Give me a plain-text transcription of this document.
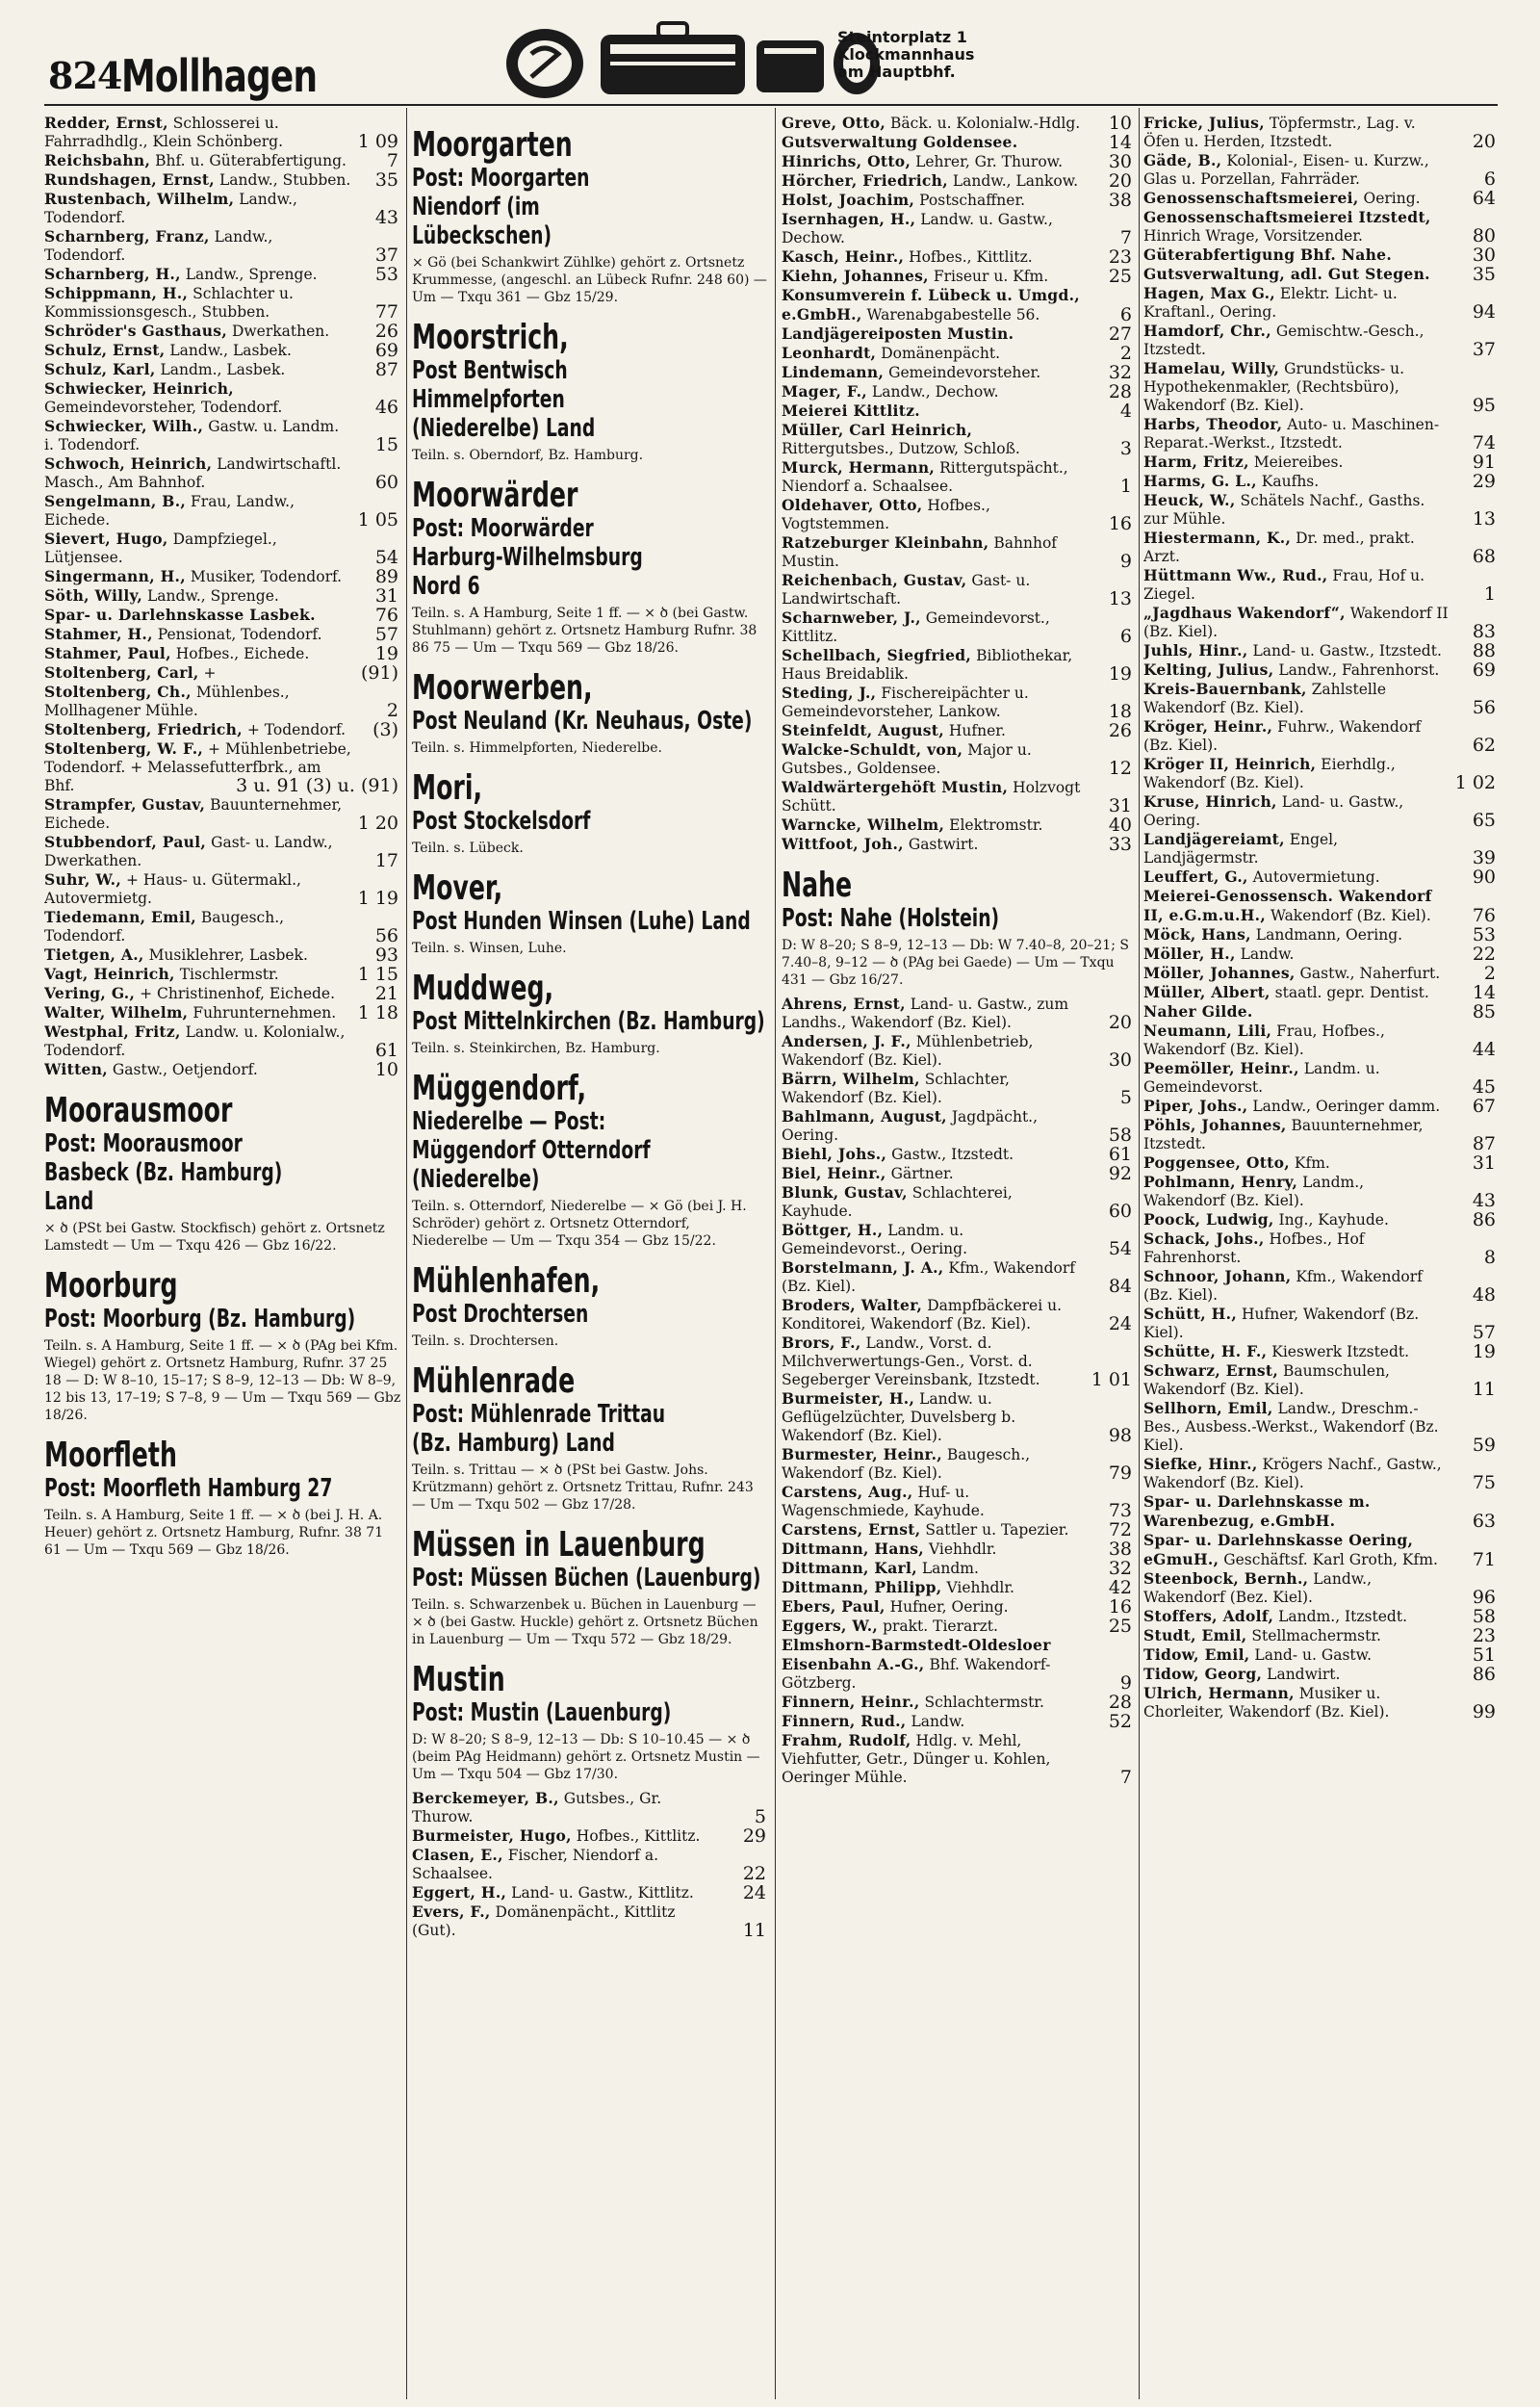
824 Mollhagen
Steintorplatz 1
Klockmannhaus
am Hauptbhf.

Redder, Ernst, Schlosserei u. Fahrradhdlg., Klein Schönberg.	1 09

Reichsbahn, Bhf. u. Güterabfertigung. 7

Rundshagen, Ernst, Landw., Stubben. 35

Rustenbach, Wilhelm, Landw., Todendorf.	43

Scharnberg, Franz, Landw., Todendorf.	37

Scharnberg, H., Landw., Sprenge.	53

Schippmann, H., Schlachter u. Kommissionsgesch., Stubben.	77

Schröder's Gasthaus, Dwerkathen.	26

Schulz, Ernst, Landw., Lasbek.	69

Schulz, Karl, Landm., Lasbek.	87

Schwiecker, Heinrich, Gemeindevorsteher, Todendorf.	46

Schwiecker, Wilh., Gastw. u. Landm. i. Todendorf.	15

Schwoch, Heinrich, Landwirtschaftl. Masch., Am Bahnhof.	60

Sengelmann, B., Frau, Landw., Eichede.	1 05

Sievert, Hugo, Dampfziegel., Lütjensee.	54

Singermann, H., Musiker, Todendorf. 89

Söth, Willy, Landw., Sprenge.	31

Spar- u. Darlehnskasse Lasbek.	76

Stahmer, H., Pensionat, Todendorf.	57

Stahmer, Paul, Hofbes., Eichede.	19

Stoltenberg, Carl, +	(91)

Stoltenberg, Ch., Mühlenbes., Mollhagener Mühle.	2

Stoltenberg, Friedrich, + Todendorf. (3)

Stoltenberg, W. F., + Mühlenbetriebe, Todendorf. + Melassefutterfbrk., am Bhf.	3 u. 91 (3) u. (91)

Strampfer, Gustav, Bauunternehmer, Eichede.	1 20

Stubbendorf, Paul, Gast- u. Landw., Dwerkathen.	17

Suhr, W., + Haus- u. Gütermakl., Autovermietg.	1 19

Tiedemann, Emil, Baugesch., Todendorf.	56

Tietgen, A., Musiklehrer, Lasbek.	93

Vagt, Heinrich, Tischlermstr.	1 15

Vering, G., + Christinenhof, Eichede. 21

Walter, Wilhelm, Fuhrunternehmen. 1 18

Westphal, Fritz, Landw. u. Kolonialw., Todendorf.	61

Witten, Gastw., Oetjendorf.	10

Moorausmoor
Post: Moorausmoor Basbeck (Bz. Hamburg) Land
× ծ (PSt bei Gastw. Stockfisch) gehört z. Ortsnetz Lamstedt — Um — Txqu 426 — Gbz 16/22.
Moorburg
Post: Moorburg (Bz. Hamburg)
Teiln. s. A Hamburg, Seite 1 ff. — × ծ (PAg bei Kfm. Wiegel) gehört z. Ortsnetz Hamburg, Rufnr. 37 25 18 — D: W 8–10, 15–17; S 8–9, 12–13 — Db: W 8–9, 12 bis 13, 17–19; S 7–8, 9 — Um — Txqu 569 — Gbz 18/26.
Moorfleth
Post: Moorfleth Hamburg 27
Teiln. s. A Hamburg, Seite 1 ff. — × ծ (bei J. H. A. Heuer) gehört z. Ortsnetz Hamburg, Rufnr. 38 71 61 — Um — Txqu 569 — Gbz 18/26.
Moorgarten
Post: Moorgarten Niendorf (im Lübeckschen)
× Gö (bei Schankwirt Zühlke) gehört z. Ortsnetz Krummesse, (angeschl. an Lübeck Rufnr. 248 60) — Um — Txqu 361 — Gbz 15/29.
Moorstrich,
Post Bentwisch Himmelpforten (Niederelbe) Land
Teiln. s. Oberndorf, Bz. Hamburg.
Moorwärder
Post: Moorwärder Harburg-Wilhelmsburg Nord 6
Teiln. s. A Hamburg, Seite 1 ff. — × ծ (bei Gastw. Stuhlmann) gehört z. Ortsnetz Hamburg Rufnr. 38 86 75 — Um — Txqu 569 — Gbz 18/26.
Moorwerben,
Post Neuland (Kr. Neuhaus, Oste)
Teiln. s. Himmelpforten, Niederelbe.
Mori,
Post Stockelsdorf
Teiln. s. Lübeck.
Mover,
Post Hunden Winsen (Luhe) Land
Teiln. s. Winsen, Luhe.
Muddweg,
Post Mittelnkirchen (Bz. Hamburg)
Teiln. s. Steinkirchen, Bz. Hamburg.
Müggendorf,
Niederelbe — Post: Müggendorf Otterndorf (Niederelbe)
Teiln. s. Otterndorf, Niederelbe — × Gö (bei J. H. Schröder) gehört z. Ortsnetz Otterndorf, Niederelbe — Um — Txqu 354 — Gbz 15/22.
Mühlenhafen,
Post Drochtersen
Teiln. s. Drochtersen.
Mühlenrade
Post: Mühlenrade Trittau (Bz. Hamburg) Land
Teiln. s. Trittau — × ծ (PSt bei Gastw. Johs. Krützmann) gehört z. Ortsnetz Trittau, Rufnr. 243 — Um — Txqu 502 — Gbz 17/28.
Müssen in Lauenburg
Post: Müssen Büchen (Lauenburg)
Teiln. s. Schwarzenbek u. Büchen in Lauenburg — × ծ (bei Gastw. Huckle) gehört z. Ortsnetz Büchen in Lauenburg — Um — Txqu 572 — Gbz 18/29.
Mustin
Post: Mustin (Lauenburg)
D: W 8–20; S 8–9, 12–13 — Db: S 10–10.45 — × ծ (beim PAg Heidmann) gehört z. Ortsnetz Mustin — Um — Txqu 504 — Gbz 17/30.

Berckemeyer, B., Gutsbes., Gr. Thurow.	5

Burmeister, Hugo, Hofbes., Kittlitz. 29

Clasen, E., Fischer, Niendorf a. Schaalsee.	22

Eggert, H., Land- u. Gastw., Kittlitz.	24

Evers, F., Domänenpächt., Kittlitz (Gut).	11

Greve, Otto, Bäck. u. Kolonialw.-Hdlg. 10

Gutsverwaltung Goldensee.	14

Hinrichs, Otto, Lehrer, Gr. Thurow.	30

Hörcher, Friedrich, Landw., Lankow. 20

Holst, Joachim, Postschaffner.	38

Isernhagen, H., Landw. u. Gastw., Dechow.	7

Kasch, Heinr., Hofbes., Kittlitz.	23

Kiehn, Johannes, Friseur u. Kfm.	25

Konsumverein f. Lübeck u. Umgd., e.GmbH., Warenabgabestelle 56.	6

Landjägereiposten Mustin.	27

Leonhardt, Domänenpächt.	2

Lindemann, Gemeindevorsteher.	32

Mager, F., Landw., Dechow.	28

Meierei Kittlitz.	4

Müller, Carl Heinrich, Rittergutsbes., Dutzow, Schloß.	3

Murck, Hermann, Rittergutspächt., Niendorf a. Schaalsee.	1

Oldehaver, Otto, Hofbes., Vogtstemmen.	16

Ratzeburger Kleinbahn, Bahnhof Mustin.	9

Reichenbach, Gustav, Gast- u. Landwirtschaft.	13

Scharnweber, J., Gemeindevorst., Kittlitz.	6

Schellbach, Siegfried, Bibliothekar, Haus Breidablik.	19

Steding, J., Fischereipächter u. Gemeindevorsteher, Lankow.	18

Steinfeldt, August, Hufner.	26

Walcke-Schuldt, von, Major u. Gutsbes., Goldensee.	12

Waldwärtergehöft Mustin, Holzvogt Schütt.	31

Warncke, Wilhelm, Elektromstr.	40

Wittfoot, Joh., Gastwirt.	33

Nahe
Post: Nahe (Holstein)
D: W 8–20; S 8–9, 12–13 — Db: W 7.40–8, 20–21; S 7.40–8, 9–12 — ծ (PAg bei Gaede) — Um — Txqu 431 — Gbz 16/27.

Ahrens, Ernst, Land- u. Gastw., zum Landhs., Wakendorf (Bz. Kiel).	20

Andersen, J. F., Mühlenbetrieb, Wakendorf (Bz. Kiel).	30

Bärrn, Wilhelm, Schlachter, Wakendorf (Bz. Kiel).	5

Bahlmann, August, Jagdpächt., Oering.	58

Biehl, Johs., Gastw., Itzstedt.	61

Biel, Heinr., Gärtner.	92

Blunk, Gustav, Schlachterei, Kayhude.	60

Böttger, H., Landm. u. Gemeindevorst., Oering.	54

Borstelmann, J. A., Kfm., Wakendorf (Bz. Kiel).	84

Broders, Walter, Dampfbäckerei u. Konditorei, Wakendorf (Bz. Kiel).	24

Brors, F., Landw., Vorst. d. Milchverwertungs-Gen., Vorst. d. Segeberger Vereinsbank, Itzstedt.	1 01

Burmeister, H., Landw. u. Geflügelzüchter, Duvelsberg b. Wakendorf (Bz. Kiel).	98

Burmester, Heinr., Baugesch., Wakendorf (Bz. Kiel).	79

Carstens, Aug., Huf- u. Wagenschmiede, Kayhude.	73

Carstens, Ernst, Sattler u. Tapezier. 72

Dittmann, Hans, Viehhdlr.	38

Dittmann, Karl, Landm.	32

Dittmann, Philipp, Viehhdlr.	42

Ebers, Paul, Hufner, Oering.	16

Eggers, W., prakt. Tierarzt.	25

Elmshorn-Barmstedt-Oldesloer Eisenbahn A.-G., Bhf. Wakendorf-Götzberg.	9

Finnern, Heinr., Schlachtermstr.	28

Finnern, Rud., Landw.	52

Frahm, Rudolf, Hdlg. v. Mehl, Viehfutter, Getr., Dünger u. Kohlen, Oeringer Mühle.	7

Fricke, Julius, Töpfermstr., Lag. v. Öfen u. Herden, Itzstedt.	20

Gäde, B., Kolonial-, Eisen- u. Kurzw., Glas u. Porzellan, Fahrräder.	6

Genossenschaftsmeierei, Oering.	64

Genossenschaftsmeierei Itzstedt, Hinrich Wrage, Vorsitzender.	80

Güterabfertigung Bhf. Nahe.	30

Gutsverwaltung, adl. Gut Stegen. 35

Hagen, Max G., Elektr. Licht- u. Kraftanl., Oering.	94

Hamdorf, Chr., Gemischtw.-Gesch., Itzstedt.	37

Hamelau, Willy, Grundstücks- u. Hypothekenmakler, (Rechtsbüro), Wakendorf (Bz. Kiel).	95

Harbs, Theodor, Auto- u. Maschinen-Reparat.-Werkst., Itzstedt.	74

Harm, Fritz, Meiereibes.	91

Harms, G. L., Kaufhs.	29

Heuck, W., Schätels Nachf., Gasths. zur Mühle.	13

Hiestermann, K., Dr. med., prakt. Arzt.	68

Hüttmann Ww., Rud., Frau, Hof u. Ziegel.	1

„Jagdhaus Wakendorf“, Wakendorf II (Bz. Kiel).	83

Juhls, Hinr., Land- u. Gastw., Itzstedt. 88

Kelting, Julius, Landw., Fahrenhorst. 69

Kreis-Bauernbank, Zahlstelle Wakendorf (Bz. Kiel).	56

Kröger, Heinr., Fuhrw., Wakendorf (Bz. Kiel).	62

Kröger II, Heinrich, Eierhdlg., Wakendorf (Bz. Kiel).	1 02

Kruse, Hinrich, Land- u. Gastw., Oering.	65

Landjägereiamt, Engel, Landjägermstr.	39

Leuffert, G., Autovermietung.	90

Meierei-Genossensch. Wakendorf II, e.G.m.u.H., Wakendorf (Bz. Kiel). 76

Möck, Hans, Landmann, Oering.	53

Möller, H., Landw.	22

Möller, Johannes, Gastw., Naherfurt. 2

Müller, Albert, staatl. gepr. Dentist. 14

Naher Gilde.	85

Neumann, Lili, Frau, Hofbes., Wakendorf (Bz. Kiel).	44

Peemöller, Heinr., Landm. u. Gemeindevorst.	45

Piper, Johs., Landw., Oeringer damm. 67

Pöhls, Johannes, Bauunternehmer, Itzstedt.	87

Poggensee, Otto, Kfm.	31

Pohlmann, Henry, Landm., Wakendorf (Bz. Kiel).	43

Poock, Ludwig, Ing., Kayhude.	86

Schack, Johs., Hofbes., Hof Fahrenhorst.	8

Schnoor, Johann, Kfm., Wakendorf (Bz. Kiel).	48

Schütt, H., Hufner, Wakendorf (Bz. Kiel).	57

Schütte, H. F., Kieswerk Itzstedt.	19

Schwarz, Ernst, Baumschulen, Wakendorf (Bz. Kiel).	11

Sellhorn, Emil, Landw., Dreschm.-Bes., Ausbess.-Werkst., Wakendorf (Bz. Kiel).	59

Siefke, Hinr., Krögers Nachf., Gastw., Wakendorf (Bz. Kiel).	75

Spar- u. Darlehnskasse m. Warenbezug, e.GmbH.	63

Spar- u. Darlehnskasse Oering, eGmuH., Geschäftsf. Karl Groth, Kfm. 71

Steenbock, Bernh., Landw., Wakendorf (Bez. Kiel).	96

Stoffers, Adolf, Landm., Itzstedt.	58

Studt, Emil, Stellmachermstr.	23

Tidow, Emil, Land- u. Gastw.	51

Tidow, Georg, Landwirt.	86

Ulrich, Hermann, Musiker u. Chorleiter, Wakendorf (Bz. Kiel).	99
